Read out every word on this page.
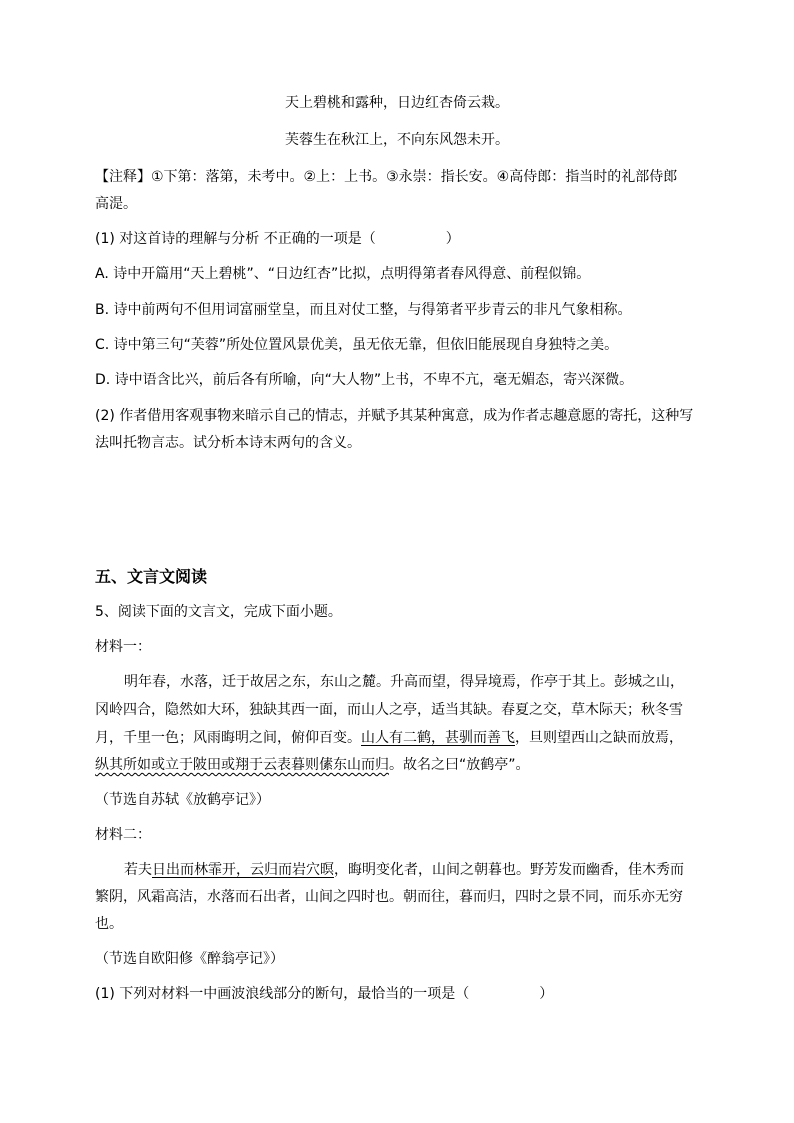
天上碧桃和露种，日边红杏倚云栽。
芙蓉生在秋江上，不向东风怨未开。
【注释】①下第：落第，未考中。②上：上书。③永崇：指长安。④高侍郎：指当时的礼部侍郎
高湜。
(1) 对这首诗的理解与分析 不正确的一项是（　　　　　）
A. 诗中开篇用“天上碧桃”、“日边红杏”比拟，点明得第者春风得意、前程似锦。
B. 诗中前两句不但用词富丽堂皇，而且对仗工整，与得第者平步青云的非凡气象相称。
C. 诗中第三句“芙蓉”所处位置风景优美，虽无依无靠，但依旧能展现自身独特之美。
D. 诗中语含比兴，前后各有所喻，向“大人物”上书，不卑不亢，毫无媚态，寄兴深微。
(2) 作者借用客观事物来暗示自己的情志，并赋予其某种寓意，成为作者志趣意愿的寄托，这种写
法叫托物言志。试分析本诗末两句的含义。
五、文言文阅读
5、阅读下面的文言文，完成下面小题。
材料一：
明年春，水落，迁于故居之东，东山之麓。升高而望，得异境焉，作亭于其上。彭城之山，
冈岭四合，隐然如大环，独缺其西一面，而山人之亭，适当其缺。春夏之交，草木际天；秋冬雪
月，千里一色；风雨晦明之间，俯仰百变。山人有二鹤，甚驯而善飞，旦则望西山之缺而放焉，
纵其所如或立于陂田或翔于云表暮则傃东山而归。故名之曰“放鹤亭”。
（节选自苏轼《放鹤亭记》）
材料二：
若夫日出而林霏开，云归而岩穴暝，晦明变化者，山间之朝暮也。野芳发而幽香，佳木秀而
繁阴，风霜高洁，水落而石出者，山间之四时也。朝而往，暮而归，四时之景不同，而乐亦无穷
也。
（节选自欧阳修《醉翁亭记》）
(1) 下列对材料一中画波浪线部分的断句，最恰当的一项是（　　　　　）
